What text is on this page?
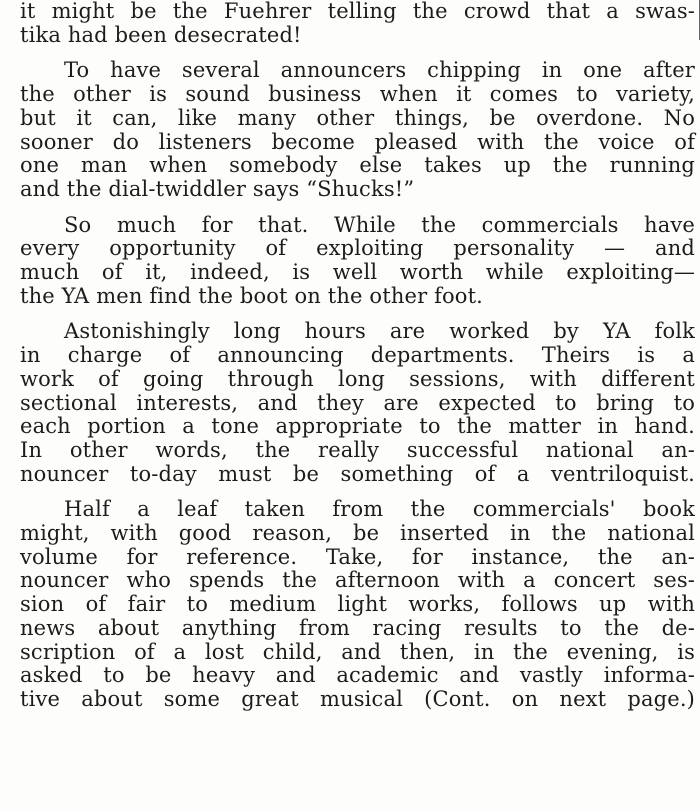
it might be the Fuehrer telling the crowd that a swas-
tika had been desecrated!
To have several announcers chipping in one after
the other is sound business when it comes to variety,
but it can, like many other things, be overdone. No
sooner do listeners become pleased with the voice of
one man when somebody else takes up the running
and the dial-twiddler says “Shucks!”
So much for that. While the commercials have
every opportunity of exploiting personality — and
much of it, indeed, is well worth while exploiting—
the YA men find the boot on the other foot.
Astonishingly long hours are worked by YA folk
in charge of announcing departments. Theirs is a
work of going through long sessions, with different
sectional interests, and they are expected to bring to
each portion a tone appropriate to the matter in hand.
In other words, the really successful national an-
nouncer to-day must be something of a ventriloquist.
Half a leaf taken from the commercials' book
might, with good reason, be inserted in the national
volume for reference. Take, for instance, the an-
nouncer who spends the afternoon with a concert ses-
sion of fair to medium light works, follows up with
news about anything from racing results to the de-
scription of a lost child, and then, in the evening, is
asked to be heavy and academic and vastly informa-
tive about some great musical (Cont. on next page.)
